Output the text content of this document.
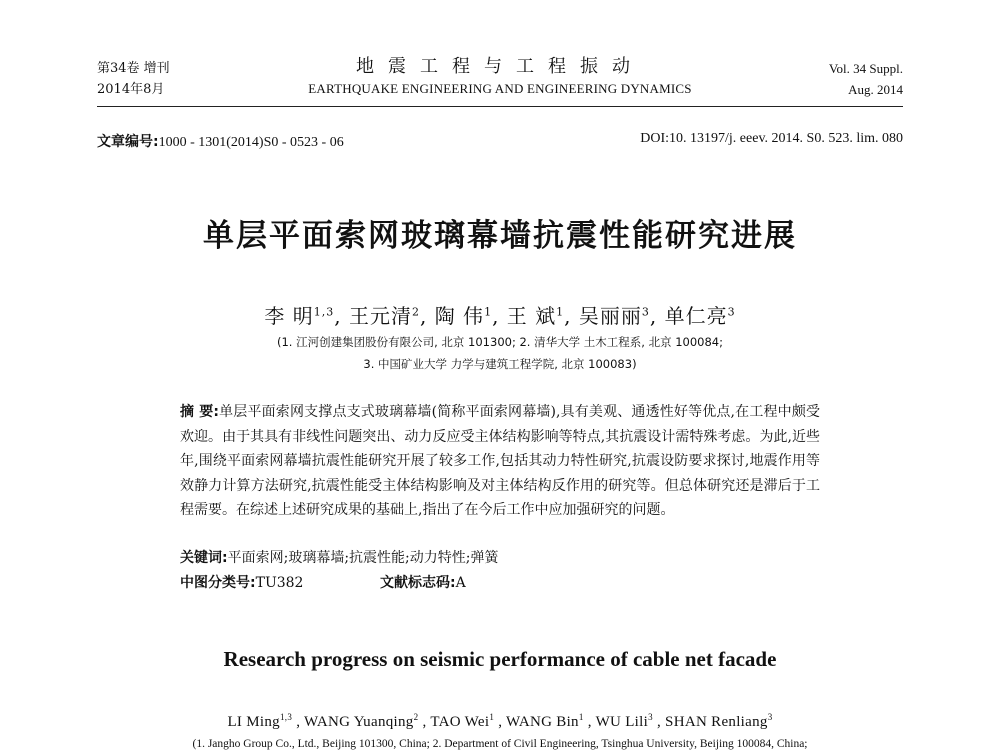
第34卷 增刊
2014年8月
地震工程与工程振动
EARTHQUAKE ENGINEERING AND ENGINEERING DYNAMICS
Vol. 34 Suppl.
Aug. 2014
文章编号:1000 - 1301(2014)S0 - 0523 - 06	DOI:10. 13197/j. eeev. 2014. S0. 523. lim. 080
单层平面索网玻璃幕墙抗震性能研究进展
李 明$^{1,3}$, 王元清$^2$, 陶 伟$^1$, 王 斌$^1$, 吴丽丽$^3$, 单仁亮$^3$
(1. 江河创建集团股份有限公司, 北京 101300; 2. 清华大学 土木工程系, 北京 100084;
3. 中国矿业大学 力学与建筑工程学院, 北京 100083)
摘 要:单层平面索网支撑点支式玻璃幕墙(简称平面索网幕墙),具有美观、通透性好等优点,在工程中颇受欢迎。由于其具有非线性问题突出、动力反应受主体结构影响等特点,其抗震设计需特殊考虑。为此,近些年,围绕平面索网幕墙抗震性能研究开展了较多工作,包括其动力特性研究,抗震设防要求探讨,地震作用等效静力计算方法研究,抗震性能受主体结构影响及对主体结构反作用的研究等。但总体研究还是滞后于工程需要。在综述上述研究成果的基础上,指出了在今后工作中应加强研究的问题。
关键词:平面索网;玻璃幕墙;抗震性能;动力特性;弹簧
中图分类号:TU382	文献标志码:A
Research progress on seismic performance of cable net facade
LI Ming$^{1,3}$ , WANG Yuanqing$^2$ , TAO Wei$^1$ , WANG Bin$^1$ , WU Lili$^3$ , SHAN Renliang$^3$
(1. Jangho Group Co., Ltd., Beijing 101300, China; 2. Department of Civil Engineering, Tsinghua University, Beijing 100084, China;
